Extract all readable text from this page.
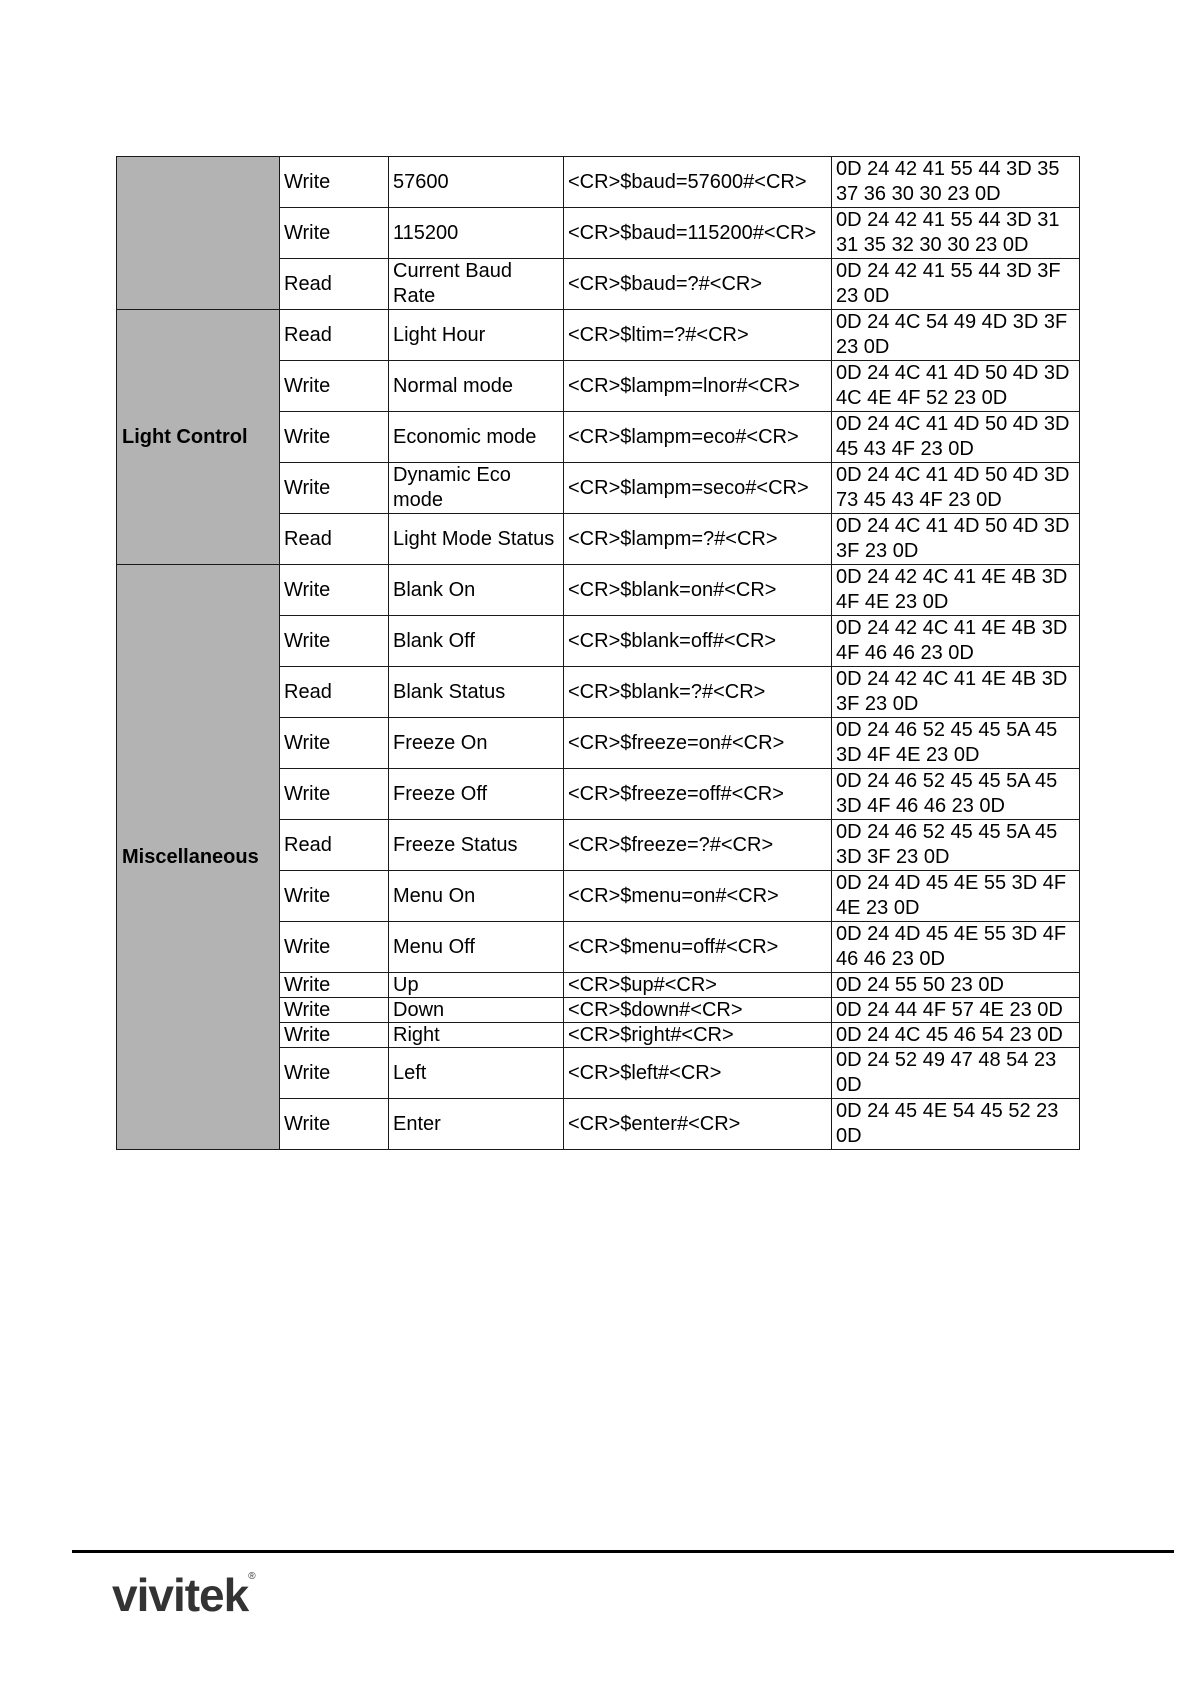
	Write	57600	<CR>$baud=57600#<CR>	0D 24 42 41 55 44 3D 35 37 36 30 30 23 0D
	Write	115200	<CR>$baud=115200#<CR>	0D 24 42 41 55 44 3D 31 31 35 32 30 30 23 0D
	Read	Current Baud Rate	<CR>$baud=?#<CR>	0D 24 42 41 55 44 3D 3F 23 0D
Light Control	Read	Light Hour	<CR>$ltim=?#<CR>	0D 24 4C 54 49 4D 3D 3F 23 0D
	Write	Normal mode	<CR>$lampm=lnor#<CR>	0D 24 4C 41 4D 50 4D 3D 4C 4E 4F 52 23 0D
	Write	Economic mode	<CR>$lampm=eco#<CR>	0D 24 4C 41 4D 50 4D 3D 45 43 4F 23 0D
	Write	Dynamic Eco mode	<CR>$lampm=seco#<CR>	0D 24 4C 41 4D 50 4D 3D 73 45 43 4F 23 0D
	Read	Light Mode Status	<CR>$lampm=?#<CR>	0D 24 4C 41 4D 50 4D 3D 3F 23 0D
Miscellaneous	Write	Blank On	<CR>$blank=on#<CR>	0D 24 42 4C 41 4E 4B 3D 4F 4E 23 0D
	Write	Blank Off	<CR>$blank=off#<CR>	0D 24 42 4C 41 4E 4B 3D 4F 46 46 23 0D
	Read	Blank Status	<CR>$blank=?#<CR>	0D 24 42 4C 41 4E 4B 3D 3F 23 0D
	Write	Freeze On	<CR>$freeze=on#<CR>	0D 24 46 52 45 45 5A 45 3D 4F 4E 23 0D
	Write	Freeze Off	<CR>$freeze=off#<CR>	0D 24 46 52 45 45 5A 45 3D 4F 46 46 23 0D
	Read	Freeze Status	<CR>$freeze=?#<CR>	0D 24 46 52 45 45 5A 45 3D 3F 23 0D
	Write	Menu On	<CR>$menu=on#<CR>	0D 24 4D 45 4E 55 3D 4F 4E 23 0D
	Write	Menu Off	<CR>$menu=off#<CR>	0D 24 4D 45 4E 55 3D 4F 46 46 23 0D
	Write	Up	<CR>$up#<CR>	0D 24 55 50 23 0D
	Write	Down	<CR>$down#<CR>	0D 24 44 4F 57 4E 23 0D
	Write	Right	<CR>$right#<CR>	0D 24 4C 45 46 54 23 0D
	Write	Left	<CR>$left#<CR>	0D 24 52 49 47 48 54 23 0D
	Write	Enter	<CR>$enter#<CR>	0D 24 45 4E 54 45 52 23 0D
vivitek®
